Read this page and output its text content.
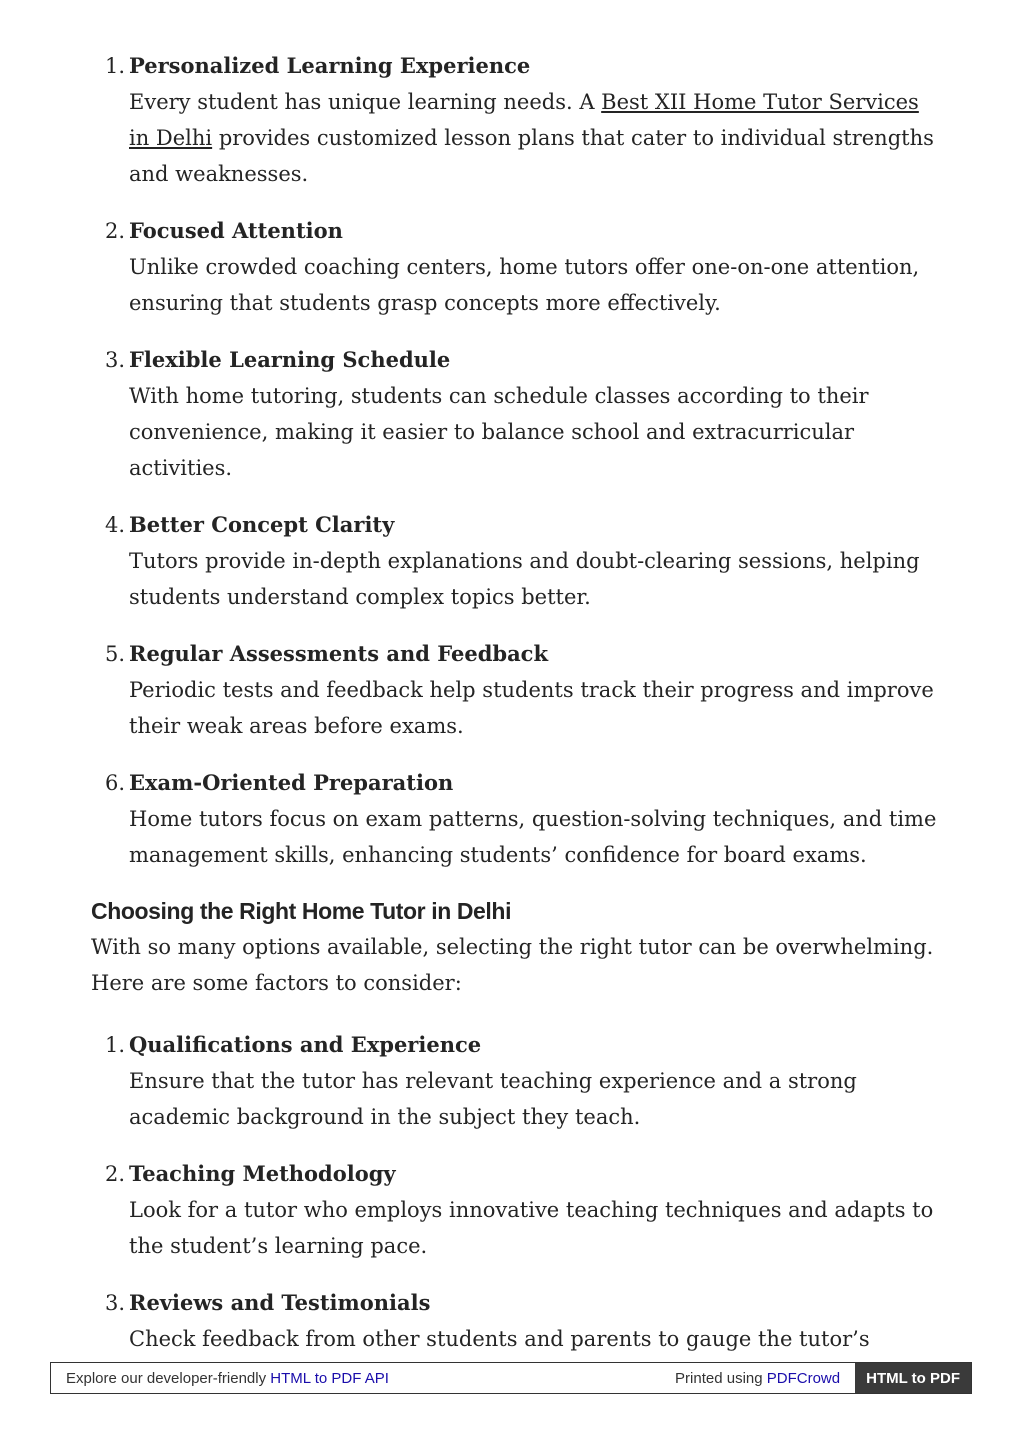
1. Personalized Learning Experience
Every student has unique learning needs. A Best XII Home Tutor Services in Delhi provides customized lesson plans that cater to individual strengths and weaknesses.
2. Focused Attention
Unlike crowded coaching centers, home tutors offer one-on-one attention, ensuring that students grasp concepts more effectively.
3. Flexible Learning Schedule
With home tutoring, students can schedule classes according to their convenience, making it easier to balance school and extracurricular activities.
4. Better Concept Clarity
Tutors provide in-depth explanations and doubt-clearing sessions, helping students understand complex topics better.
5. Regular Assessments and Feedback
Periodic tests and feedback help students track their progress and improve their weak areas before exams.
6. Exam-Oriented Preparation
Home tutors focus on exam patterns, question-solving techniques, and time management skills, enhancing students’ confidence for board exams.
Choosing the Right Home Tutor in Delhi

With so many options available, selecting the right tutor can be overwhelming. Here are some factors to consider:

1. Qualifications and Experience
Ensure that the tutor has relevant teaching experience and a strong academic background in the subject they teach.
2. Teaching Methodology
Look for a tutor who employs innovative teaching techniques and adapts to the student’s learning pace.
3. Reviews and Testimonials
Check feedback from other students and parents to gauge the tutor’s
Explore our developer-friendly HTML to PDF API	Printed using PDFCrowd	HTML to PDF
